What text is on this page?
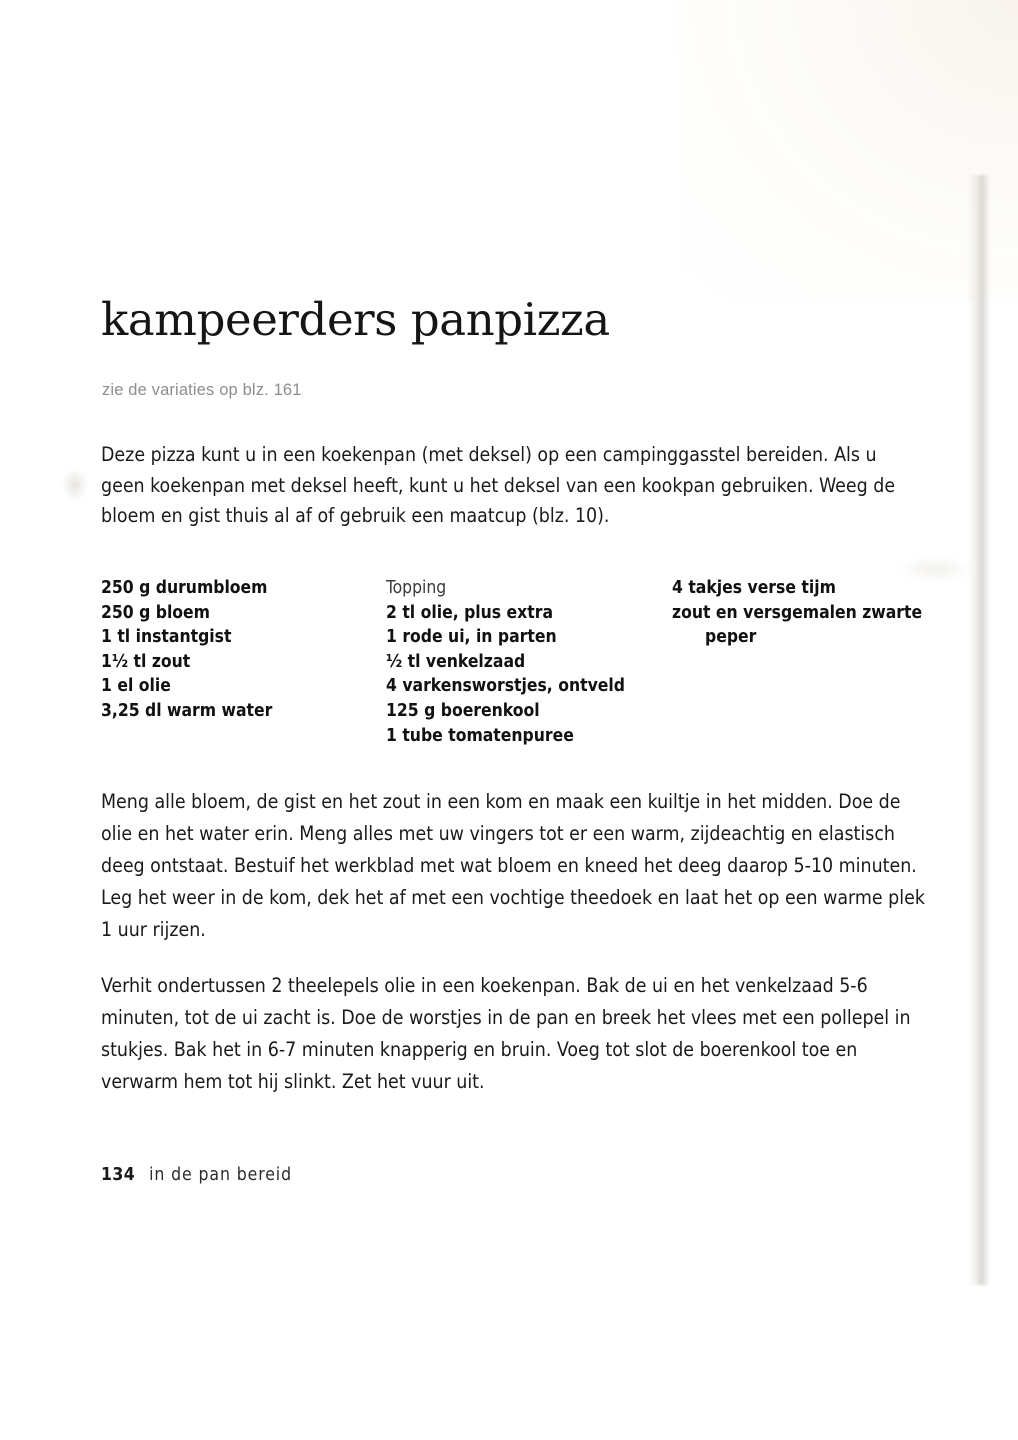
kampeerders panpizza

zie de variaties op blz. 161

Deze pizza kunt u in een koekenpan (met deksel) op een campinggasstel bereiden. Als u geen koekenpan met deksel heeft, kunt u het deksel van een kookpan gebruiken. Weeg de bloem en gist thuis al af of gebruik een maatcup (blz. 10).

250 g durumbloem
250 g bloem
1 tl instantgist
1½ tl zout
1 el olie
3,25 dl warm water
Topping
2 tl olie, plus extra
1 rode ui, in parten
½ tl venkelzaad
4 varkensworstjes, ontveld
125 g boerenkool
1 tube tomatenpuree
4 takjes verse tijm
zout en versgemalen zwarte
peper

Meng alle bloem, de gist en het zout in een kom en maak een kuiltje in het midden. Doe de olie en het water erin. Meng alles met uw vingers tot er een warm, zijdeachtig en elastisch deeg ontstaat. Bestuif het werkblad met wat bloem en kneed het deeg daarop 5-10 minuten. Leg het weer in de kom, dek het af met een vochtige theedoek en laat het op een warme plek 1 uur rijzen.

Verhit ondertussen 2 theelepels olie in een koekenpan. Bak de ui en het venkelzaad 5-6 minuten, tot de ui zacht is. Doe de worstjes in de pan en breek het vlees met een pollepel in stukjes. Bak het in 6-7 minuten knapperig en bruin. Voeg tot slot de boerenkool toe en verwarm hem tot hij slinkt. Zet het vuur uit.

134 in de pan bereid
